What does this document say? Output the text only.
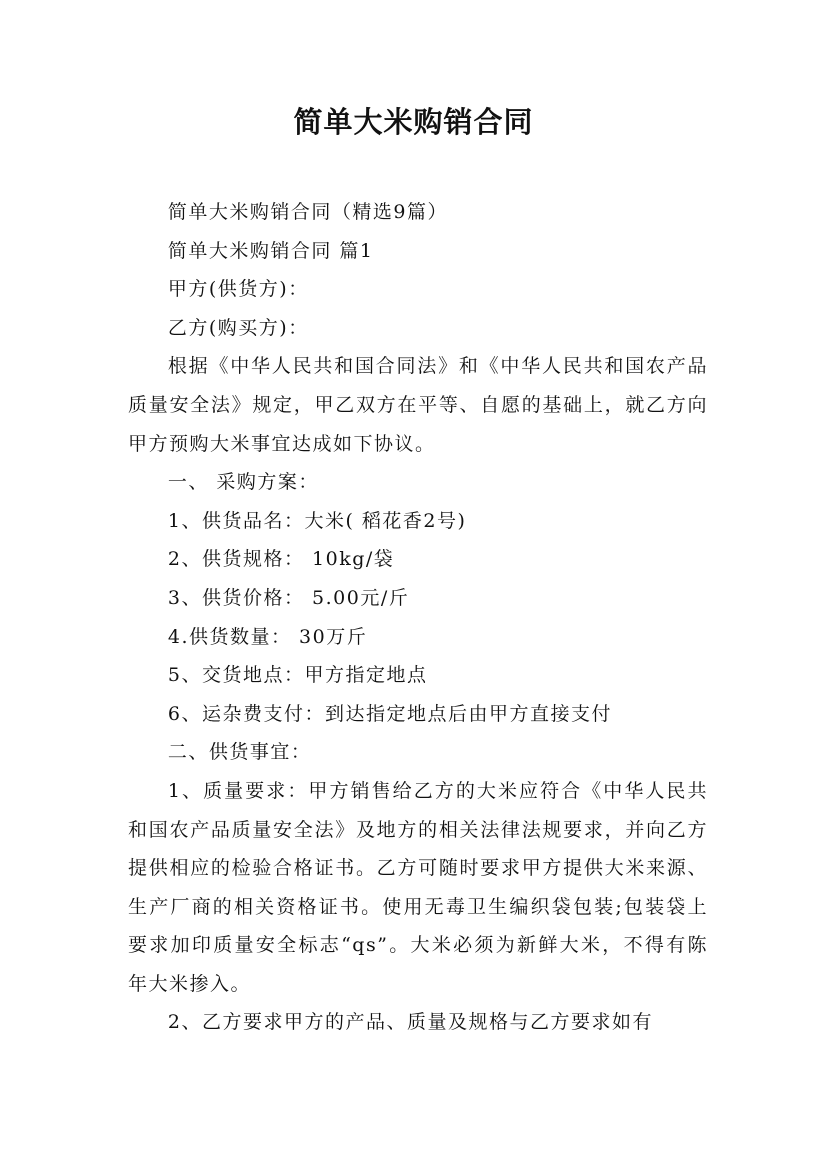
简单大米购销合同

简单大米购销合同（精选9篇）

简单大米购销合同 篇1

甲方(供货方)：

乙方(购买方)：

根据《中华人民共和国合同法》和《中华人民共和国农产品质量安全法》规定，甲乙双方在平等、自愿的基础上，就乙方向甲方预购大米事宜达成如下协议。

一、 采购方案：

1、供货品名：大米( 稻花香2号)

2、供货规格： 10kg/袋

3、供货价格： 5.00元/斤

4.供货数量： 30万斤

5、交货地点：甲方指定地点

6、运杂费支付：到达指定地点后由甲方直接支付

二、供货事宜：

1、质量要求：甲方销售给乙方的大米应符合《中华人民共和国农产品质量安全法》及地方的相关法律法规要求，并向乙方提供相应的检验合格证书。乙方可随时要求甲方提供大米来源、生产厂商的相关资格证书。使用无毒卫生编织袋包装;包装袋上要求加印质量安全标志“qs”。大米必须为新鲜大米，不得有陈年大米掺入。

2、乙方要求甲方的产品、质量及规格与乙方要求如有
